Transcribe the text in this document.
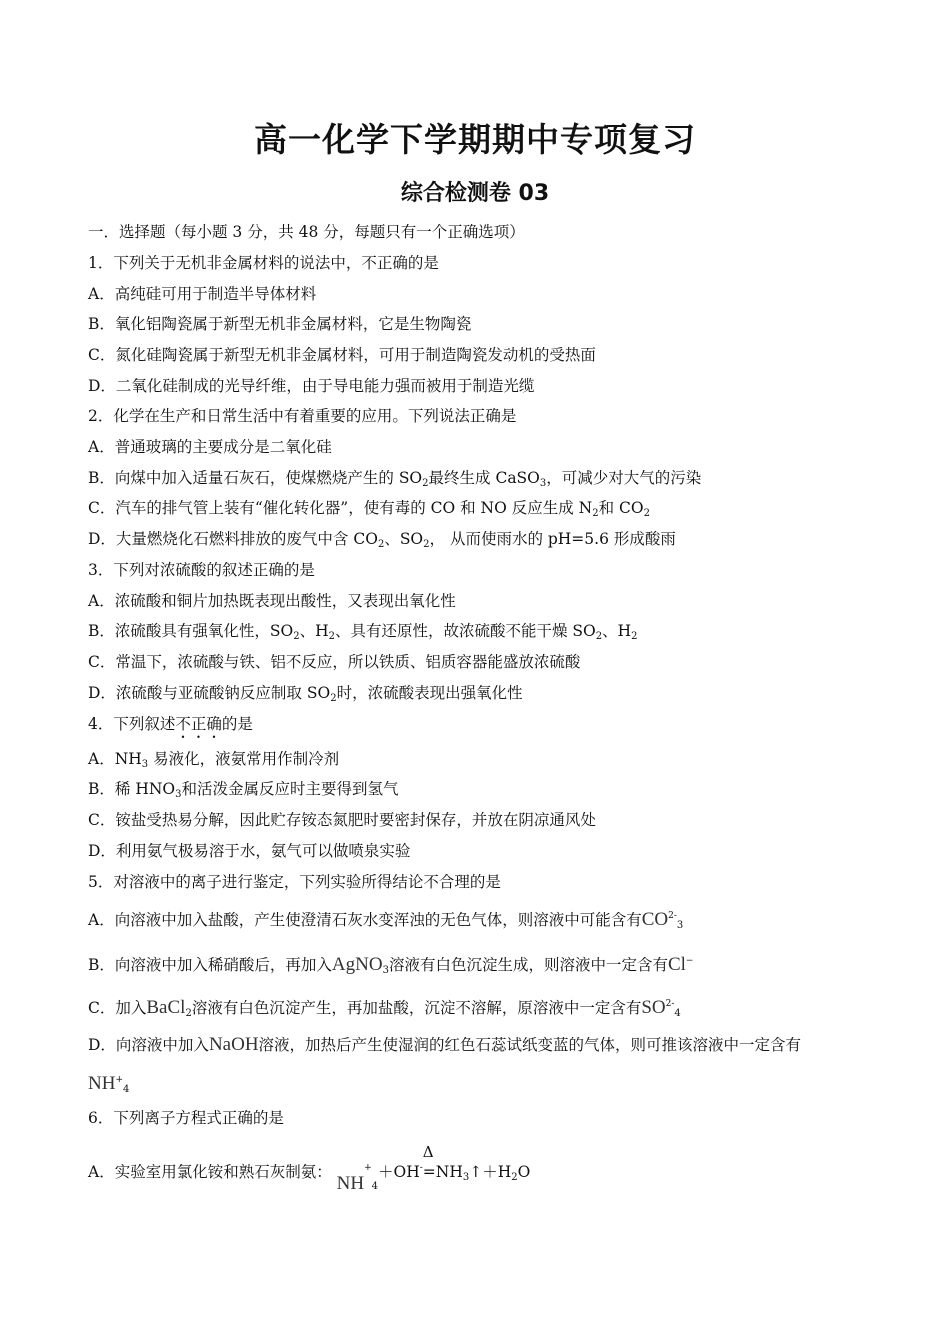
高一化学下学期期中专项复习
综合检测卷 03
一．选择题（每小题 3 分，共 48 分，每题只有一个正确选项）
1．下列关于无机非金属材料的说法中，不正确的是
A．高纯硅可用于制造半导体材料
B．氧化铝陶瓷属于新型无机非金属材料，它是生物陶瓷
C．氮化硅陶瓷属于新型无机非金属材料，可用于制造陶瓷发动机的受热面
D．二氧化硅制成的光导纤维，由于导电能力强而被用于制造光缆
2．化学在生产和日常生活中有着重要的应用。下列说法正确是
A．普通玻璃的主要成分是二氧化硅
B．向煤中加入适量石灰石，使煤燃烧产生的 $SO_2$最终生成 CaSO$_3$，可减少对大气的污染
C．汽车的排气管上装有“催化转化器”，使有毒的 CO 和 NO 反应生成 $N_2$和 $CO_2$
D．大量燃烧化石燃料排放的废气中含 $CO_2$、$SO_2$， 从而使雨水的 pH=5.6 形成酸雨
3．下列对浓硫酸的叙述正确的是
A．浓硫酸和铜片加热既表现出酸性，又表现出氧化性
B．浓硫酸具有强氧化性，$SO_2$、$H_2$、具有还原性，故浓硫酸不能干燥 $SO_2$、$H_2$
C．常温下，浓硫酸与铁、铝不反应，所以铁质、铝质容器能盛放浓硫酸
D．浓硫酸与亚硫酸钠反应制取 $SO_2$时，浓硫酸表现出强氧化性
4．下列叙述不正确的是
A．$NH_3$ 易液化，液氨常用作制冷剂
B．稀 $HNO_3$和活泼金属反应时主要得到氢气
C．铵盐受热易分解，因此贮存铵态氮肥时要密封保存，并放在阴凉通风处
D．利用氨气极易溶于水，氨气可以做喷泉实验
5．对溶液中的离子进行鉴定，下列实验所得结论不合理的是
A．向溶液中加入盐酸，产生使澄清石灰水变浑浊的无色气体，则溶液中可能含有$CO^{2-}_3$
B．向溶液中加入稀硝酸后，再加入AgNO$_3$溶液有白色沉淀生成，则溶液中一定含有Cl−
C．加入BaCl$_2$溶液有白色沉淀产生，再加盐酸，沉淀不溶解，原溶液中一定含有$SO^{2-}_4$
D．向溶液中加入NaOH溶液，加热后产生使湿润的红色石蕊试纸变蓝的气体，则可推该溶液中一定含有
$NH^+_4$
6．下列离子方程式正确的是
A．实验室用氯化铵和熟石灰制氨： $NH^+_4+OH^-$
Δ
$=NH_3↑+H_2O$
